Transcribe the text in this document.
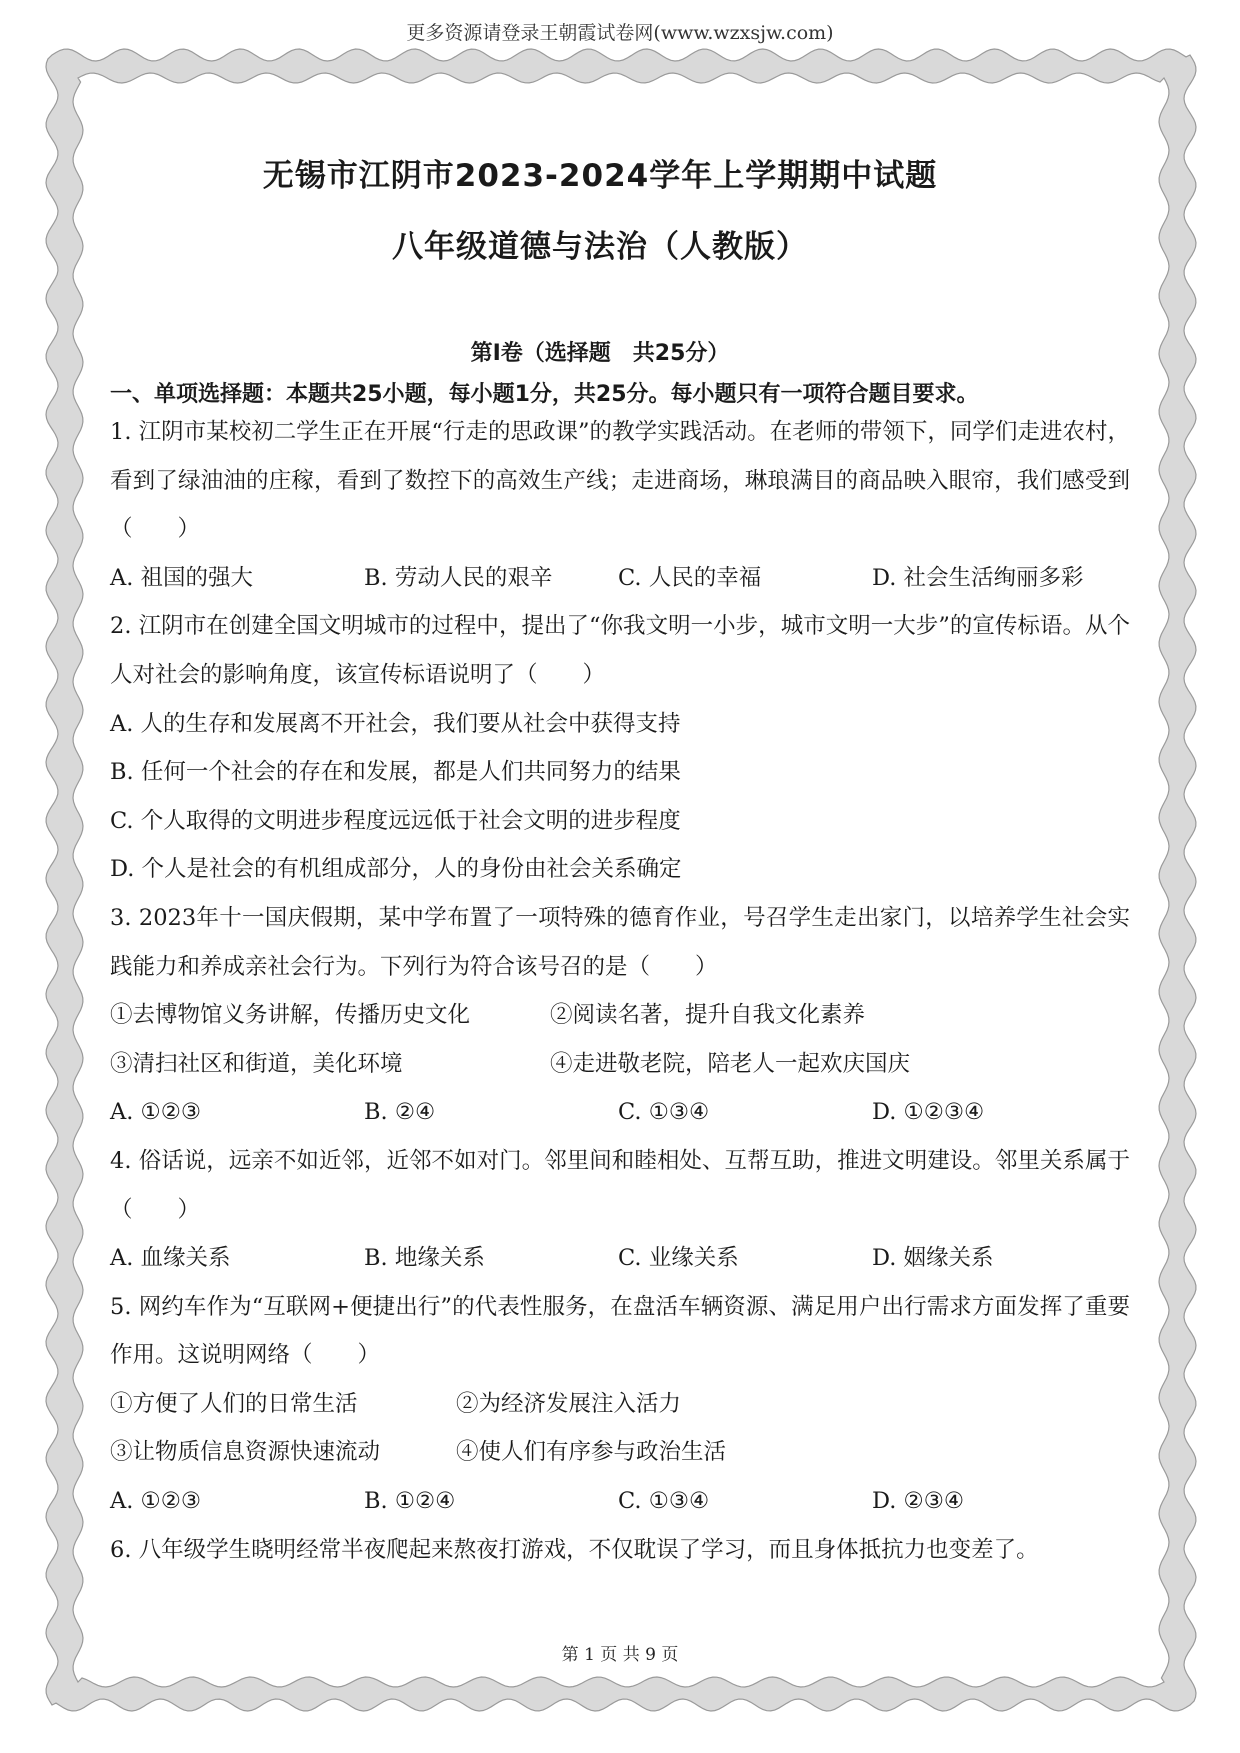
更多资源请登录王朝霞试卷网(www.wzxsjw.com)
无锡市江阴市2023-2024学年上学期期中试题
八年级道德与法治（人教版）
第Ⅰ卷（选择题　共25分）
一、单项选择题：本题共25小题，每小题1分，共25分。每小题只有一项符合题目要求。
1. 江阴市某校初二学生正在开展“行走的思政课”的教学实践活动。在老师的带领下，同学们走进农村，看到了绿油油的庄稼，看到了数控下的高效生产线；走进商场，琳琅满目的商品映入眼帘，我们感受到（　　）
A. 祖国的强大	B. 劳动人民的艰辛	C. 人民的幸福	D. 社会生活绚丽多彩
2. 江阴市在创建全国文明城市的过程中，提出了“你我文明一小步，城市文明一大步”的宣传标语。从个人对社会的影响角度，该宣传标语说明了（　　）
A. 人的生存和发展离不开社会，我们要从社会中获得支持
B. 任何一个社会的存在和发展，都是人们共同努力的结果
C. 个人取得的文明进步程度远远低于社会文明的进步程度
D. 个人是社会的有机组成部分，人的身份由社会关系确定
3. 2023年十一国庆假期，某中学布置了一项特殊的德育作业，号召学生走出家门，以培养学生社会实践能力和养成亲社会行为。下列行为符合该号召的是（　　）
①去博物馆义务讲解，传播历史文化	②阅读名著，提升自我文化素养
③清扫社区和街道，美化环境	④走进敬老院，陪老人一起欢庆国庆
A. ①②③	B. ②④	C. ①③④	D. ①②③④
4. 俗话说，远亲不如近邻，近邻不如对门。邻里间和睦相处、互帮互助，推进文明建设。邻里关系属于（　　）
A. 血缘关系	B. 地缘关系	C. 业缘关系	D. 姻缘关系
5. 网约车作为“互联网+便捷出行”的代表性服务，在盘活车辆资源、满足用户出行需求方面发挥了重要作用。这说明网络（　　）
①方便了人们的日常生活	②为经济发展注入活力
③让物质信息资源快速流动	④使人们有序参与政治生活
A. ①②③	B. ①②④	C. ①③④	D. ②③④
6. 八年级学生晓明经常半夜爬起来熬夜打游戏，不仅耽误了学习，而且身体抵抗力也变差了。
第 1 页 共 9 页
